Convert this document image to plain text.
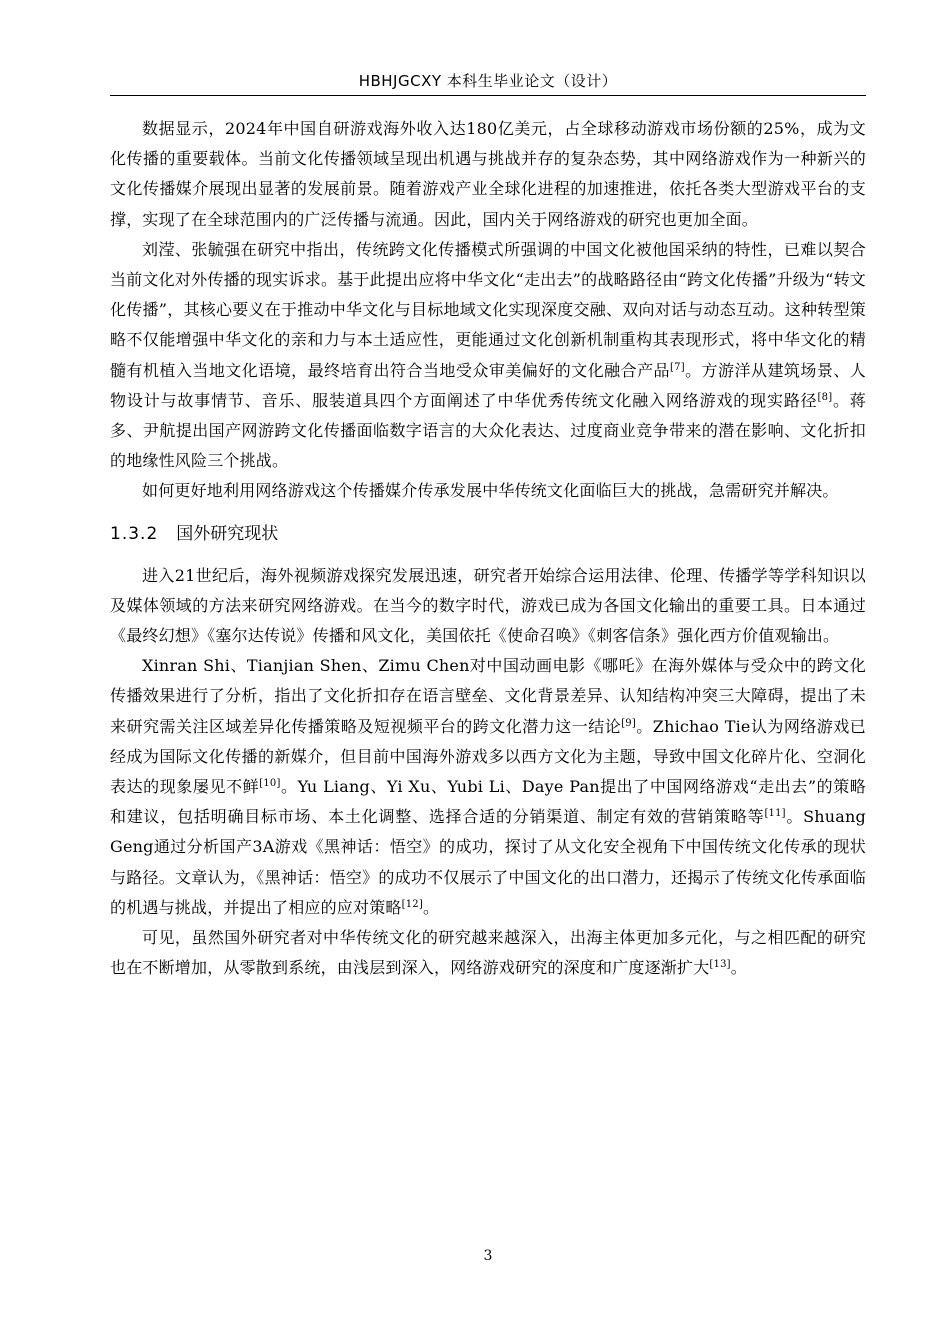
HBHJGCXY 本科生毕业论文（设计）

数据显示，2024年中国自研游戏海外收入达180亿美元，占全球移动游戏市场份额的25%，成为文化传播的重要载体。当前文化传播领域呈现出机遇与挑战并存的复杂态势，其中网络游戏作为一种新兴的文化传播媒介展现出显著的发展前景。随着游戏产业全球化进程的加速推进，依托各类大型游戏平台的支撑，实现了在全球范围内的广泛传播与流通。因此，国内关于网络游戏的研究也更加全面。

刘滢、张毓强在研究中指出，传统跨文化传播模式所强调的中国文化被他国采纳的特性，已难以契合当前文化对外传播的现实诉求。基于此提出应将中华文化“走出去”的战略路径由“跨文化传播”升级为“转文化传播”，其核心要义在于推动中华文化与目标地域文化实现深度交融、双向对话与动态互动。这种转型策略不仅能增强中华文化的亲和力与本土适应性，更能通过文化创新机制重构其表现形式，将中华文化的精髓有机植入当地文化语境，最终培育出符合当地受众审美偏好的文化融合产品[7]。方游洋从建筑场景、人物设计与故事情节、音乐、服装道具四个方面阐述了中华优秀传统文化融入网络游戏的现实路径[8]。蒋多、尹航提出国产网游跨文化传播面临数字语言的大众化表达、过度商业竞争带来的潜在影响、文化折扣的地缘性风险三个挑战。

如何更好地利用网络游戏这个传播媒介传承发展中华传统文化面临巨大的挑战，急需研究并解决。

1.3.2 国外研究现状

进入21世纪后，海外视频游戏探究发展迅速，研究者开始综合运用法律、伦理、传播学等学科知识以及媒体领域的方法来研究网络游戏。在当今的数字时代，游戏已成为各国文化输出的重要工具。日本通过《最终幻想》《塞尔达传说》传播和风文化，美国依托《使命召唤》《刺客信条》强化西方价值观输出。

Xinran Shi、Tianjian Shen、Zimu Chen对中国动画电影《哪吒》在海外媒体与受众中的跨文化传播效果进行了分析，指出了文化折扣存在语言壁垒、文化背景差异、认知结构冲突三大障碍，提出了未来研究需关注区域差异化传播策略及短视频平台的跨文化潜力这一结论[9]。Zhichao Tie认为网络游戏已经成为国际文化传播的新媒介，但目前中国海外游戏多以西方文化为主题，导致中国文化碎片化、空洞化表达的现象屡见不鲜[10]。Yu Liang、Yi Xu、Yubi Li、Daye Pan提出了中国网络游戏“走出去”的策略和建议，包括明确目标市场、本土化调整、选择合适的分销渠道、制定有效的营销策略等[11]。Shuang Geng通过分析国产3A游戏《黑神话：悟空》的成功，探讨了从文化安全视角下中国传统文化传承的现状与路径。文章认为，《黑神话：悟空》的成功不仅展示了中国文化的出口潜力，还揭示了传统文化传承面临的机遇与挑战，并提出了相应的应对策略[12]。

可见，虽然国外研究者对中华传统文化的研究越来越深入，出海主体更加多元化，与之相匹配的研究也在不断增加，从零散到系统，由浅层到深入，网络游戏研究的深度和广度逐渐扩大[13]。

3
